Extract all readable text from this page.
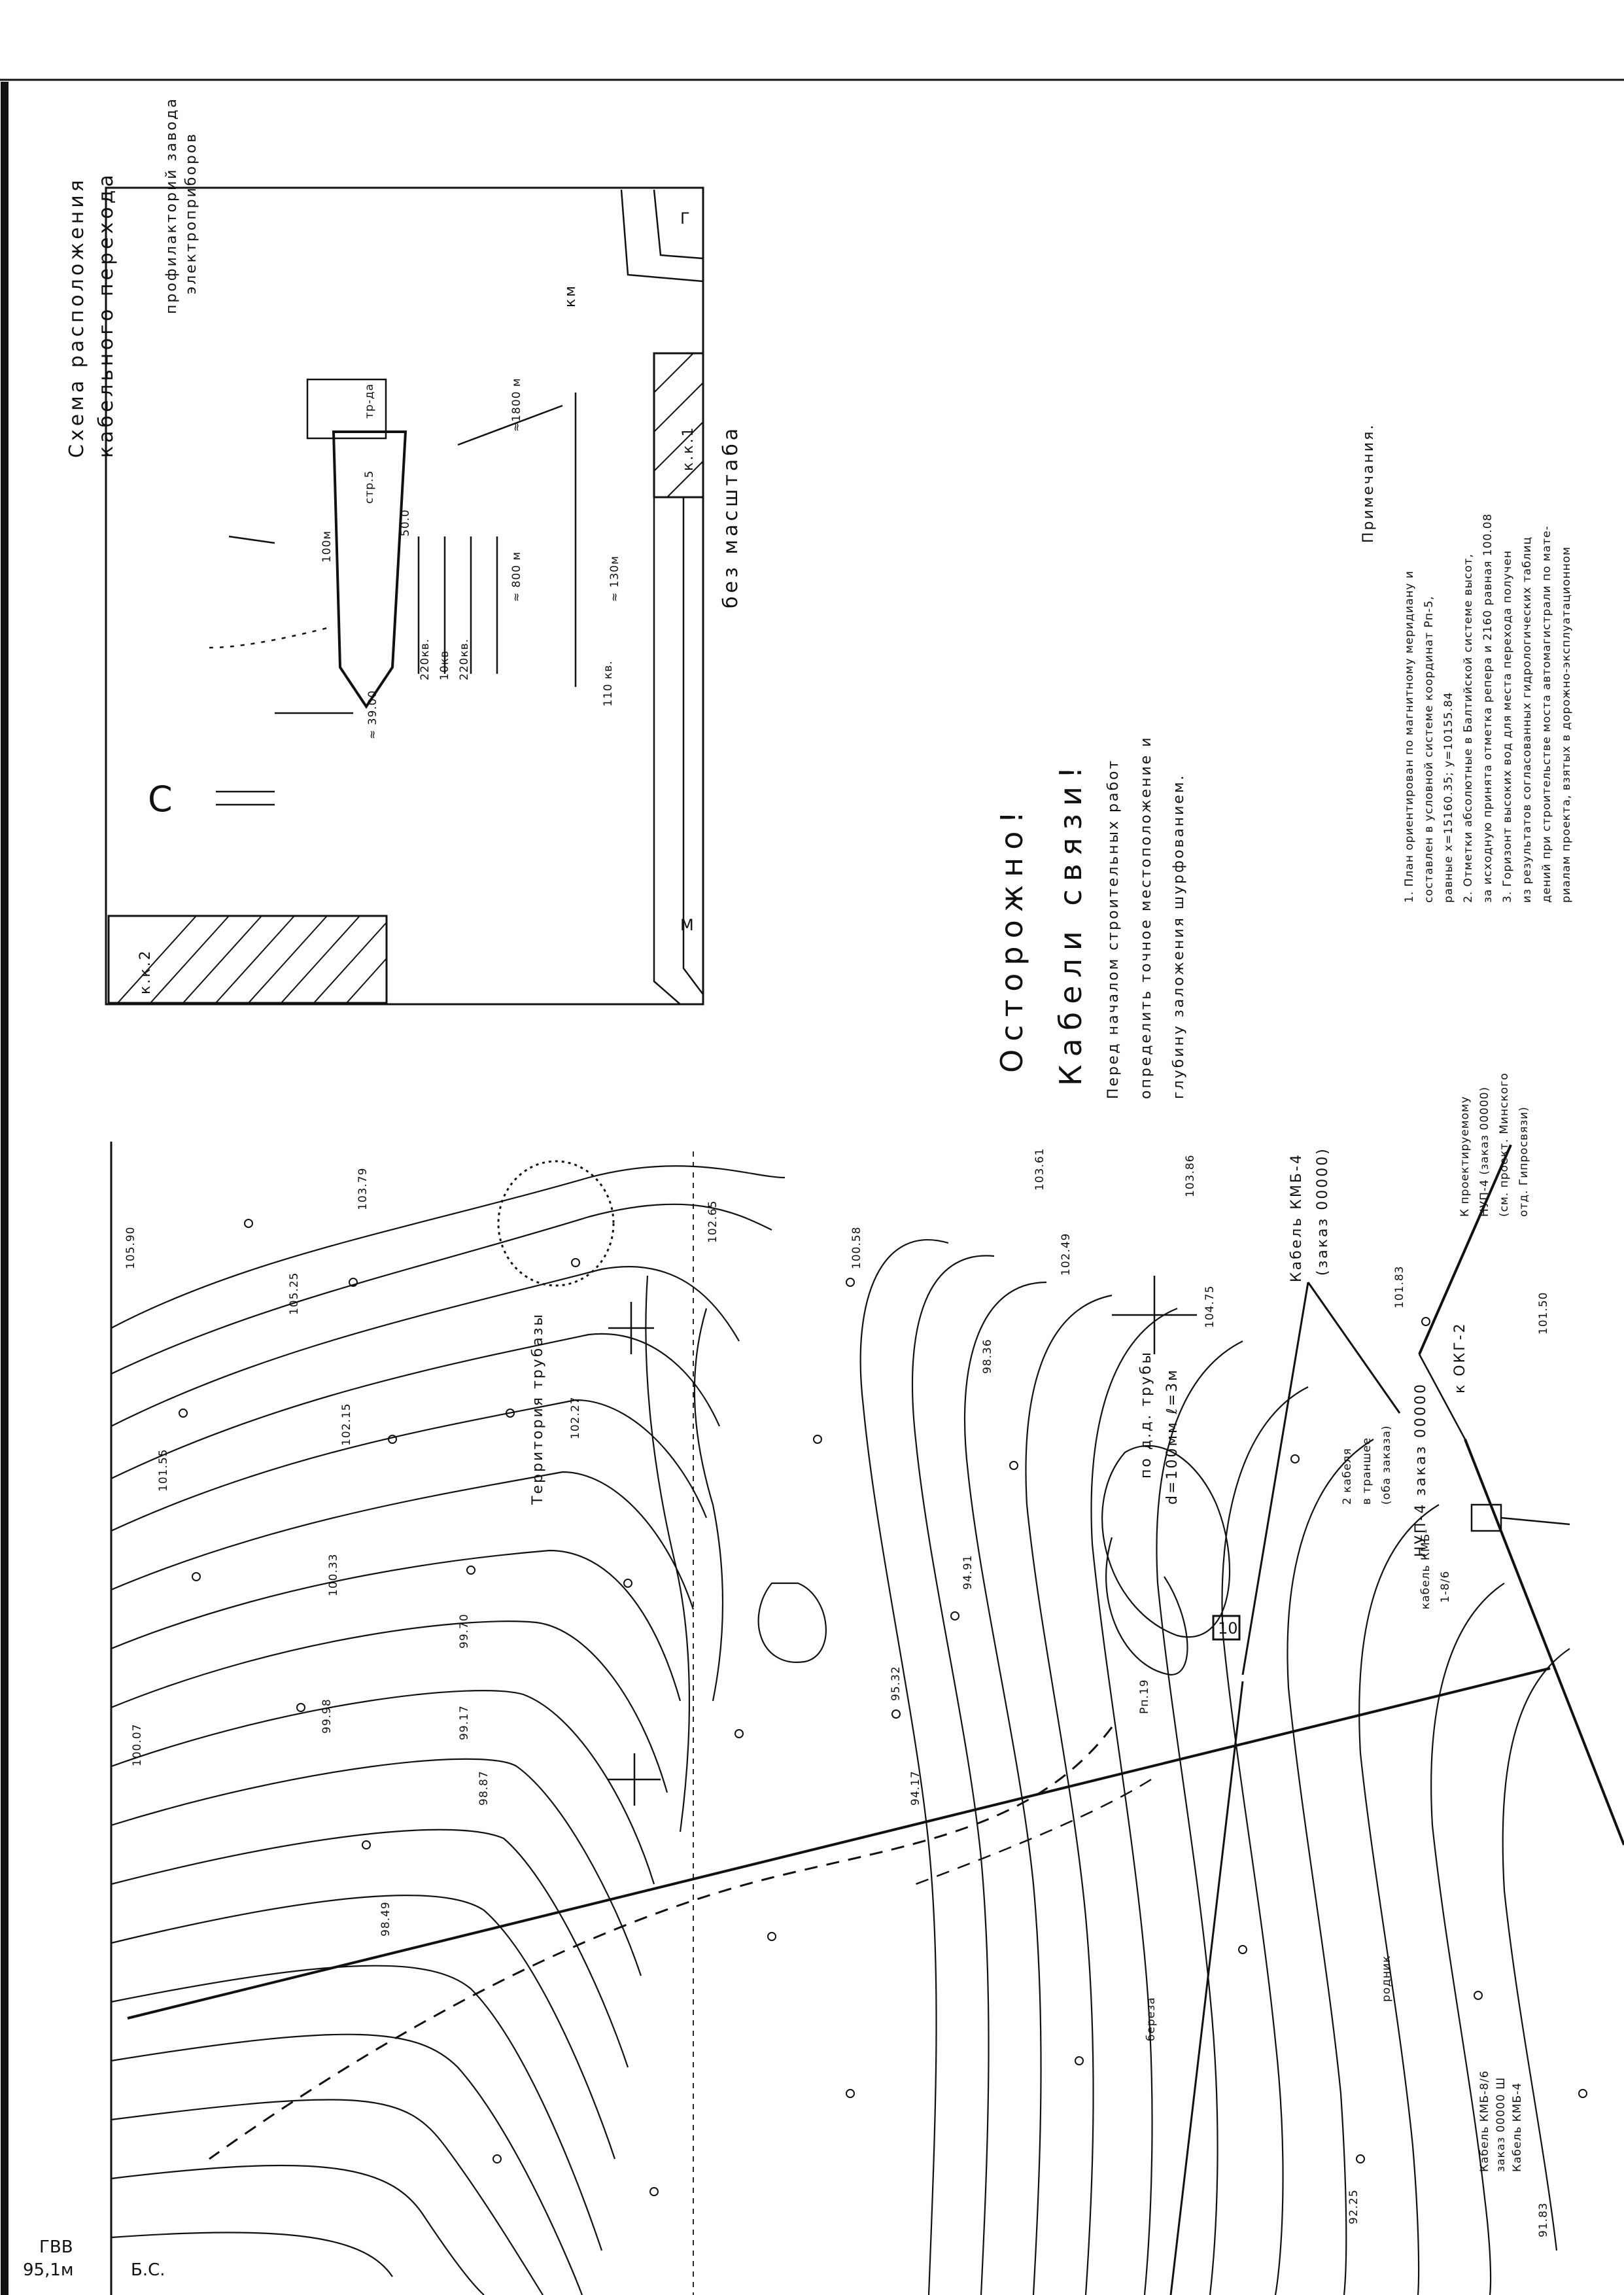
Схема расположения кабельного перехода
без масштаба
С
профилакторий завода электроприборов
км
к.к.1
к.к.2
стр.5
тр-да
100м
≈1800 м
≈ 800 м	≈ 130м
50.0
≈ 39.00
220кв. 10кв 220кв.
110 кв.
М
Г
Осторожно! Кабели связи! Перед началом строительных работ определить точное местоположение и глубину заложения шурфованием.
Примечания.
1. План ориентирован по магнитному меридиану и составлен в условной системе координат Рп-5, равные x=15160.35; y=10155.84 2. Отметки абсолютные в Балтийской системе высот, за исходную принята отметка репера и 2160 равная 100.08 3. Горизонт высоких вод для места перехода получен из результатов согласованных гидрологических таблиц дений при строительстве моста автомагистрали по мате- риалам проекта, взятых в дорожно-эксплуатационном
Кабель КМБ-4 (заказ 00000)	К проектируемому НУП-4 (заказ 00000) (см. проект. Минского отд. Гипросвязи)
НУП-4 заказ 00000
к ОКГ-2
по д.д. трубы d=100мм ℓ=3м	2 кабеля в траншее (оба заказа)
кабель КМБ- 1-8/6
Территория трубазы
береза
родник
Рп.19
10
Кабель КМБ-8/6 заказ 00000 Ш Кабель КМБ-4
ГВВ
95,1м	Б.С.
105.90
103.79
105.25
102.65
102.27
102.15
101.55
100.33
100.07
99.98
99.70
99.17
98.87
98.49
98.36
100.58	102.49
103.61	103.86
104.75	101.83
101.50
94.91
95.32
94.17
92.25	91.83
